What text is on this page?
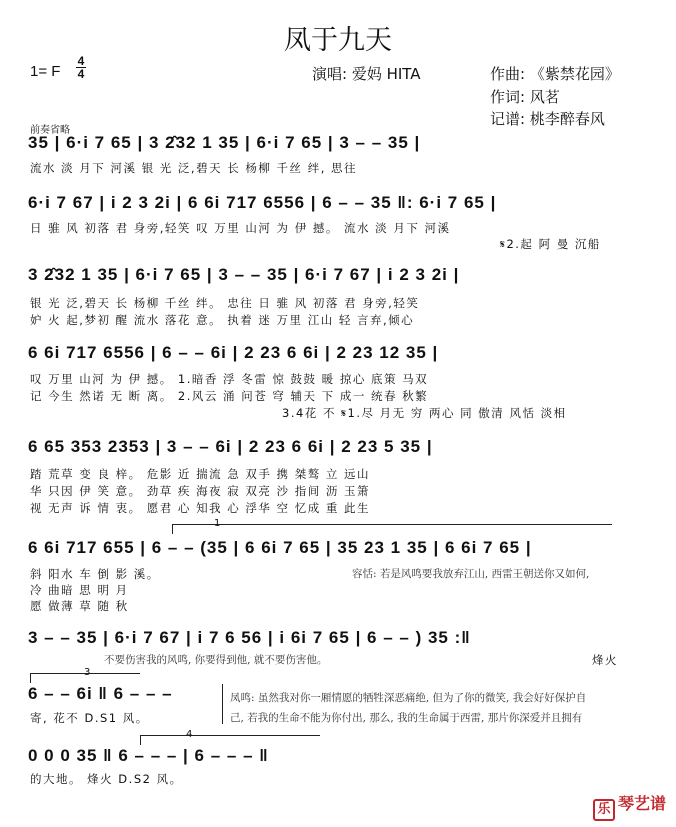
凤于九天
1= F
4
4	演唱: 爱妈 HITA	作曲: 《紫禁花园》
作词: 风茗
记谱: 桃李醉春风
前奏省略
35 | 6·i 7 65 | 3 2̂32 1 35 | 6·i 7 65 | 3 – – 35 |
流水 淡 月下 河溪 银 光 泛,碧天 长 杨柳 千丝 绊, 思往
6·i 7 67 | i 2 3 2i | 6 6i 717 6556 | 6 – – 35 ‖: 6·i 7 65 |
日 骓 风 初落 君 身旁,轻笑 叹 万里 山河 为 伊 撼。 流水 淡 月下 河溪
𝄋2.起 阿 曼 沉船
3 2̂32 1 35 | 6·i 7 65 | 3 – – 35 | 6·i 7 67 | i 2 3 2i |
银 光 泛,碧天 长 杨柳 千丝 绊。 忠往 日 骓 风 初落 君 身旁,轻笑
妒 火 起,梦初 醒 流水 落花 意。 执着 迷 万里 江山 轻 言弃,倾心
6 6i 717 6556 | 6 – – 6i | 2 23 6 6i | 2 23 12 35 |
叹 万里 山河 为 伊 撼。 1.暗香 浮 冬雷 惊 鼓鼓 暖 掠心 底策 马双
记 今生 然诺 无 断 离。 2.风云 涌 问苍 穹 辅天 下 成一 统春 秋繁
3.4花 不 𝄋1.尽 月无 穷 两心 同 傲清 风恬 淡相
6 65 353 2353 | 3 – – 6i | 2 23 6 6i | 2 23 5 35 |
踏 荒草 变 良 梓。 危影 近 揣流 急 双手 携 桀骜 立 远山
华 只因 伊 笑 意。 劲草 疾 海夜 寂 双亮 沙 指间 沥 玉箫
视 无声 诉 情 衷。 愿君 心 知我 心 浮华 空 忆成 重 此生
1
6 6i 717 655 | 6 – – (35 | 6 6i 7 65 | 35 23 1 35 | 6 6i 7 65 |
斜 阳水 车 倒 影 溪。
冷 曲暗 思 明 月
愿 做薄 草 随 秋
容恬: 若是风鸣要我放弃江山, 西雷王朝送你又如何,
3 – – 35 | 6·i 7 67 | i 7 6 56 | i 6i 7 65 | 6 – – ) 35 :‖
不要伤害我的风鸣, 你要得到他, 就不要伤害他。	烽火
3
6 – – 6i ‖ 6 – – –
寄, 花不 D.S1 风。
凤鸣: 虽然我对你一厢情愿的牺牲深恶痛绝, 但为了你的微笑, 我会好好保护自
己, 若我的生命不能为你付出, 那么, 我的生命属于西雷, 那片你深爱并且拥有
4
0 0 0 35 ‖ 6 – – – | 6 – – – ‖
的大地。 烽火 D.S2 风。
乐 琴艺谱
